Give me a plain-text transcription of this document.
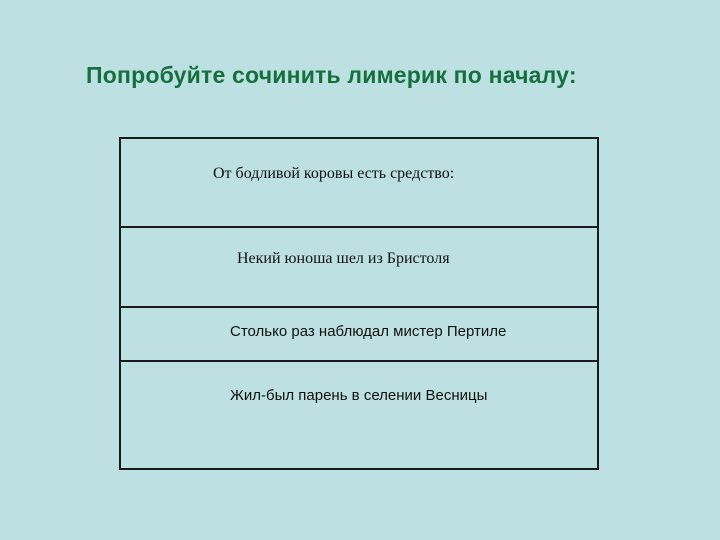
Попробуйте сочинить лимерик по началу:
От бодливой коровы есть средство:
Некий юноша шел из Бристоля
Столько раз наблюдал мистер Пертиле
Жил-был парень в селении Весницы
